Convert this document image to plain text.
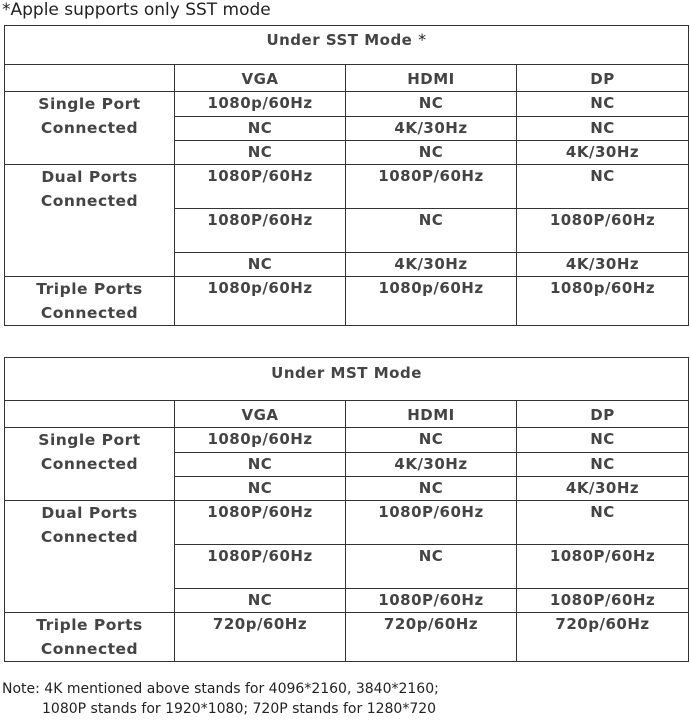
*Apple supports only SST mode
Under SST Mode *			
	VGA	HDMI	DP
Single Port
Connected	1080p/60Hz	NC	NC
	NC	4K/30Hz	NC
	NC	NC	4K/30Hz
Dual Ports
Connected	1080P/60Hz	1080P/60Hz	NC
	1080P/60Hz	NC	1080P/60Hz
	NC	4K/30Hz	4K/30Hz
Triple Ports
Connected	1080p/60Hz	1080p/60Hz	1080p/60Hz
Under MST Mode			
	VGA	HDMI	DP
Single Port
Connected	1080p/60Hz	NC	NC
	NC	4K/30Hz	NC
	NC	NC	4K/30Hz
Dual Ports
Connected	1080P/60Hz	1080P/60Hz	NC
	1080P/60Hz	NC	1080P/60Hz
	NC	1080P/60Hz	1080P/60Hz
Triple Ports
Connected	720p/60Hz	720p/60Hz	720p/60Hz
Note: 4K mentioned above stands for 4096*2160, 3840*2160;
1080P stands for 1920*1080; 720P stands for 1280*720
